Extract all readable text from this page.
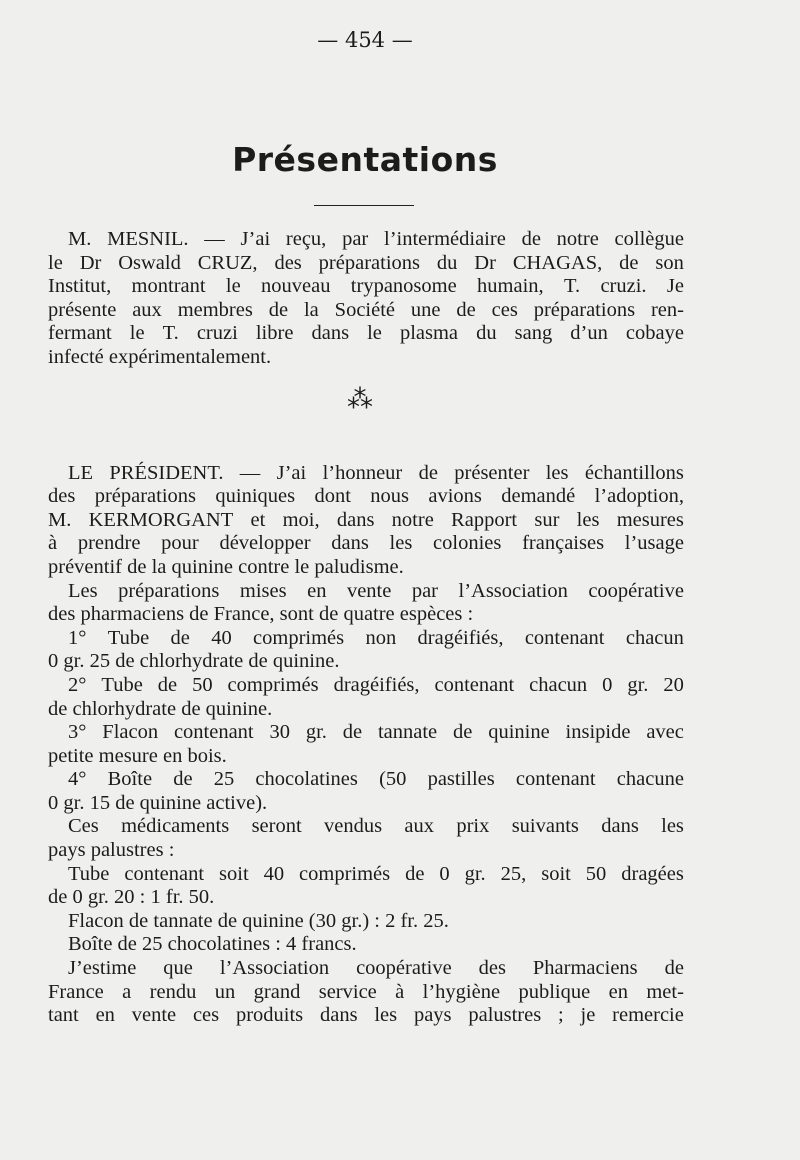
— 454 —
Présentations
M. MESNIL. — J’ai reçu, par l’intermédiaire de notre collègue
le Dr Oswald CRUZ, des préparations du Dr CHAGAS, de son
Institut, montrant le nouveau trypanosome humain, T. cruzi. Je
présente aux membres de la Société une de ces préparations ren-
fermant le T. cruzi libre dans le plasma du sang d’un cobaye
infecté expérimentalement.
⁂
LE PRÉSIDENT. — J’ai l’honneur de présenter les échantillons
des préparations quiniques dont nous avions demandé l’adoption,
M. KERMORGANT et moi, dans notre Rapport sur les mesures
à prendre pour développer dans les colonies françaises l’usage
préventif de la quinine contre le paludisme.
Les préparations mises en vente par l’Association coopérative
des pharmaciens de France, sont de quatre espèces :
1° Tube de 40 comprimés non dragéifiés, contenant chacun
0 gr. 25 de chlorhydrate de quinine.
2° Tube de 50 comprimés dragéifiés, contenant chacun 0 gr. 20
de chlorhydrate de quinine.
3° Flacon contenant 30 gr. de tannate de quinine insipide avec
petite mesure en bois.
4° Boîte de 25 chocolatines (50 pastilles contenant chacune
0 gr. 15 de quinine active).
Ces médicaments seront vendus aux prix suivants dans les
pays palustres :
Tube contenant soit 40 comprimés de 0 gr. 25, soit 50 dragées
de 0 gr. 20 : 1 fr. 50.
Flacon de tannate de quinine (30 gr.) : 2 fr. 25.
Boîte de 25 chocolatines : 4 francs.
J’estime que l’Association coopérative des Pharmaciens de
France a rendu un grand service à l’hygiène publique en met-
tant en vente ces produits dans les pays palustres ; je remercie
